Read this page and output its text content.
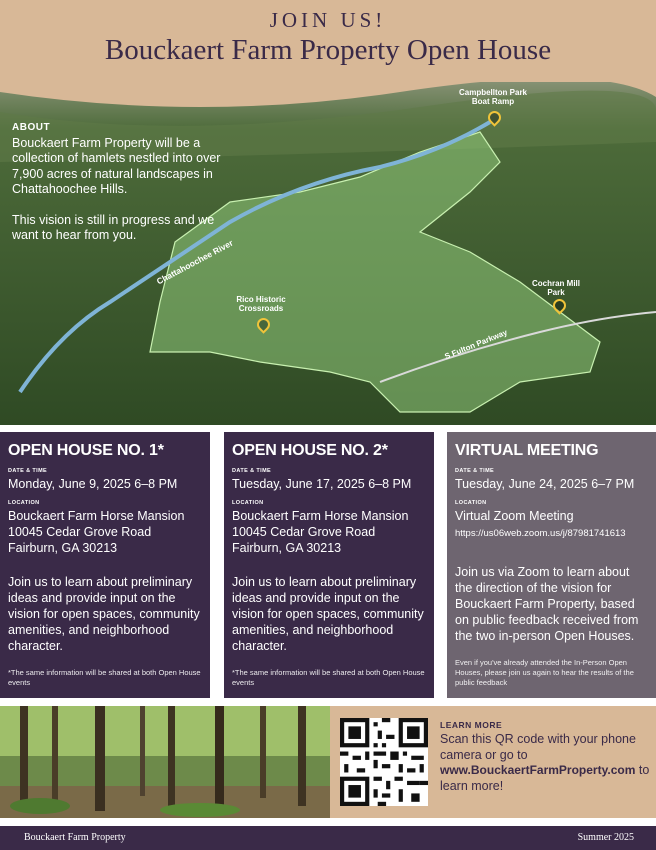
JOIN US!
Bouckaert Farm Property Open House
ABOUT

Bouckaert Farm Property will be a collection of hamlets nestled into over 7,900 acres of natural landscapes in Chattahoochee Hills.

This vision is still in progress and we want to hear from you.

Campbellton Park Boat Ramp
Chattahoochee River
Rico Historic Crossroads
Cochran Mill Park
S Fulton Parkway
OPEN HOUSE NO. 1*
DATE & TIME
Monday, June 9, 2025 6–8 PM
LOCATION
Bouckaert Farm Horse Mansion
10045 Cedar Grove Road
Fairburn, GA 30213
Join us to learn about preliminary ideas and provide input on the vision for open spaces, community amenities, and neighborhood character.
*The same information will be shared at both Open House events
OPEN HOUSE NO. 2*
DATE & TIME
Tuesday, June 17, 2025 6–8 PM
LOCATION
Bouckaert Farm Horse Mansion
10045 Cedar Grove Road
Fairburn, GA 30213
Join us to learn about preliminary ideas and provide input on the vision for open spaces, community amenities, and neighborhood character.
*The same information will be shared at both Open House events
VIRTUAL MEETING
DATE & TIME
Tuesday, June 24, 2025 6–7 PM
LOCATION
Virtual Zoom Meeting
https://us06web.zoom.us/j/87981741613
Join us via Zoom to learn about the direction of the vision for Bouckaert Farm Property, based on public feedback received from the two in-person Open Houses.
Even if you've already attended the In-Person Open Houses, please join us again to hear the results of the public feedback
LEARN MORE
Scan this QR code with your phone camera or go to www.BouckaertFarmProperty.com to learn more!
Bouckaert Farm Property	Summer 2025
